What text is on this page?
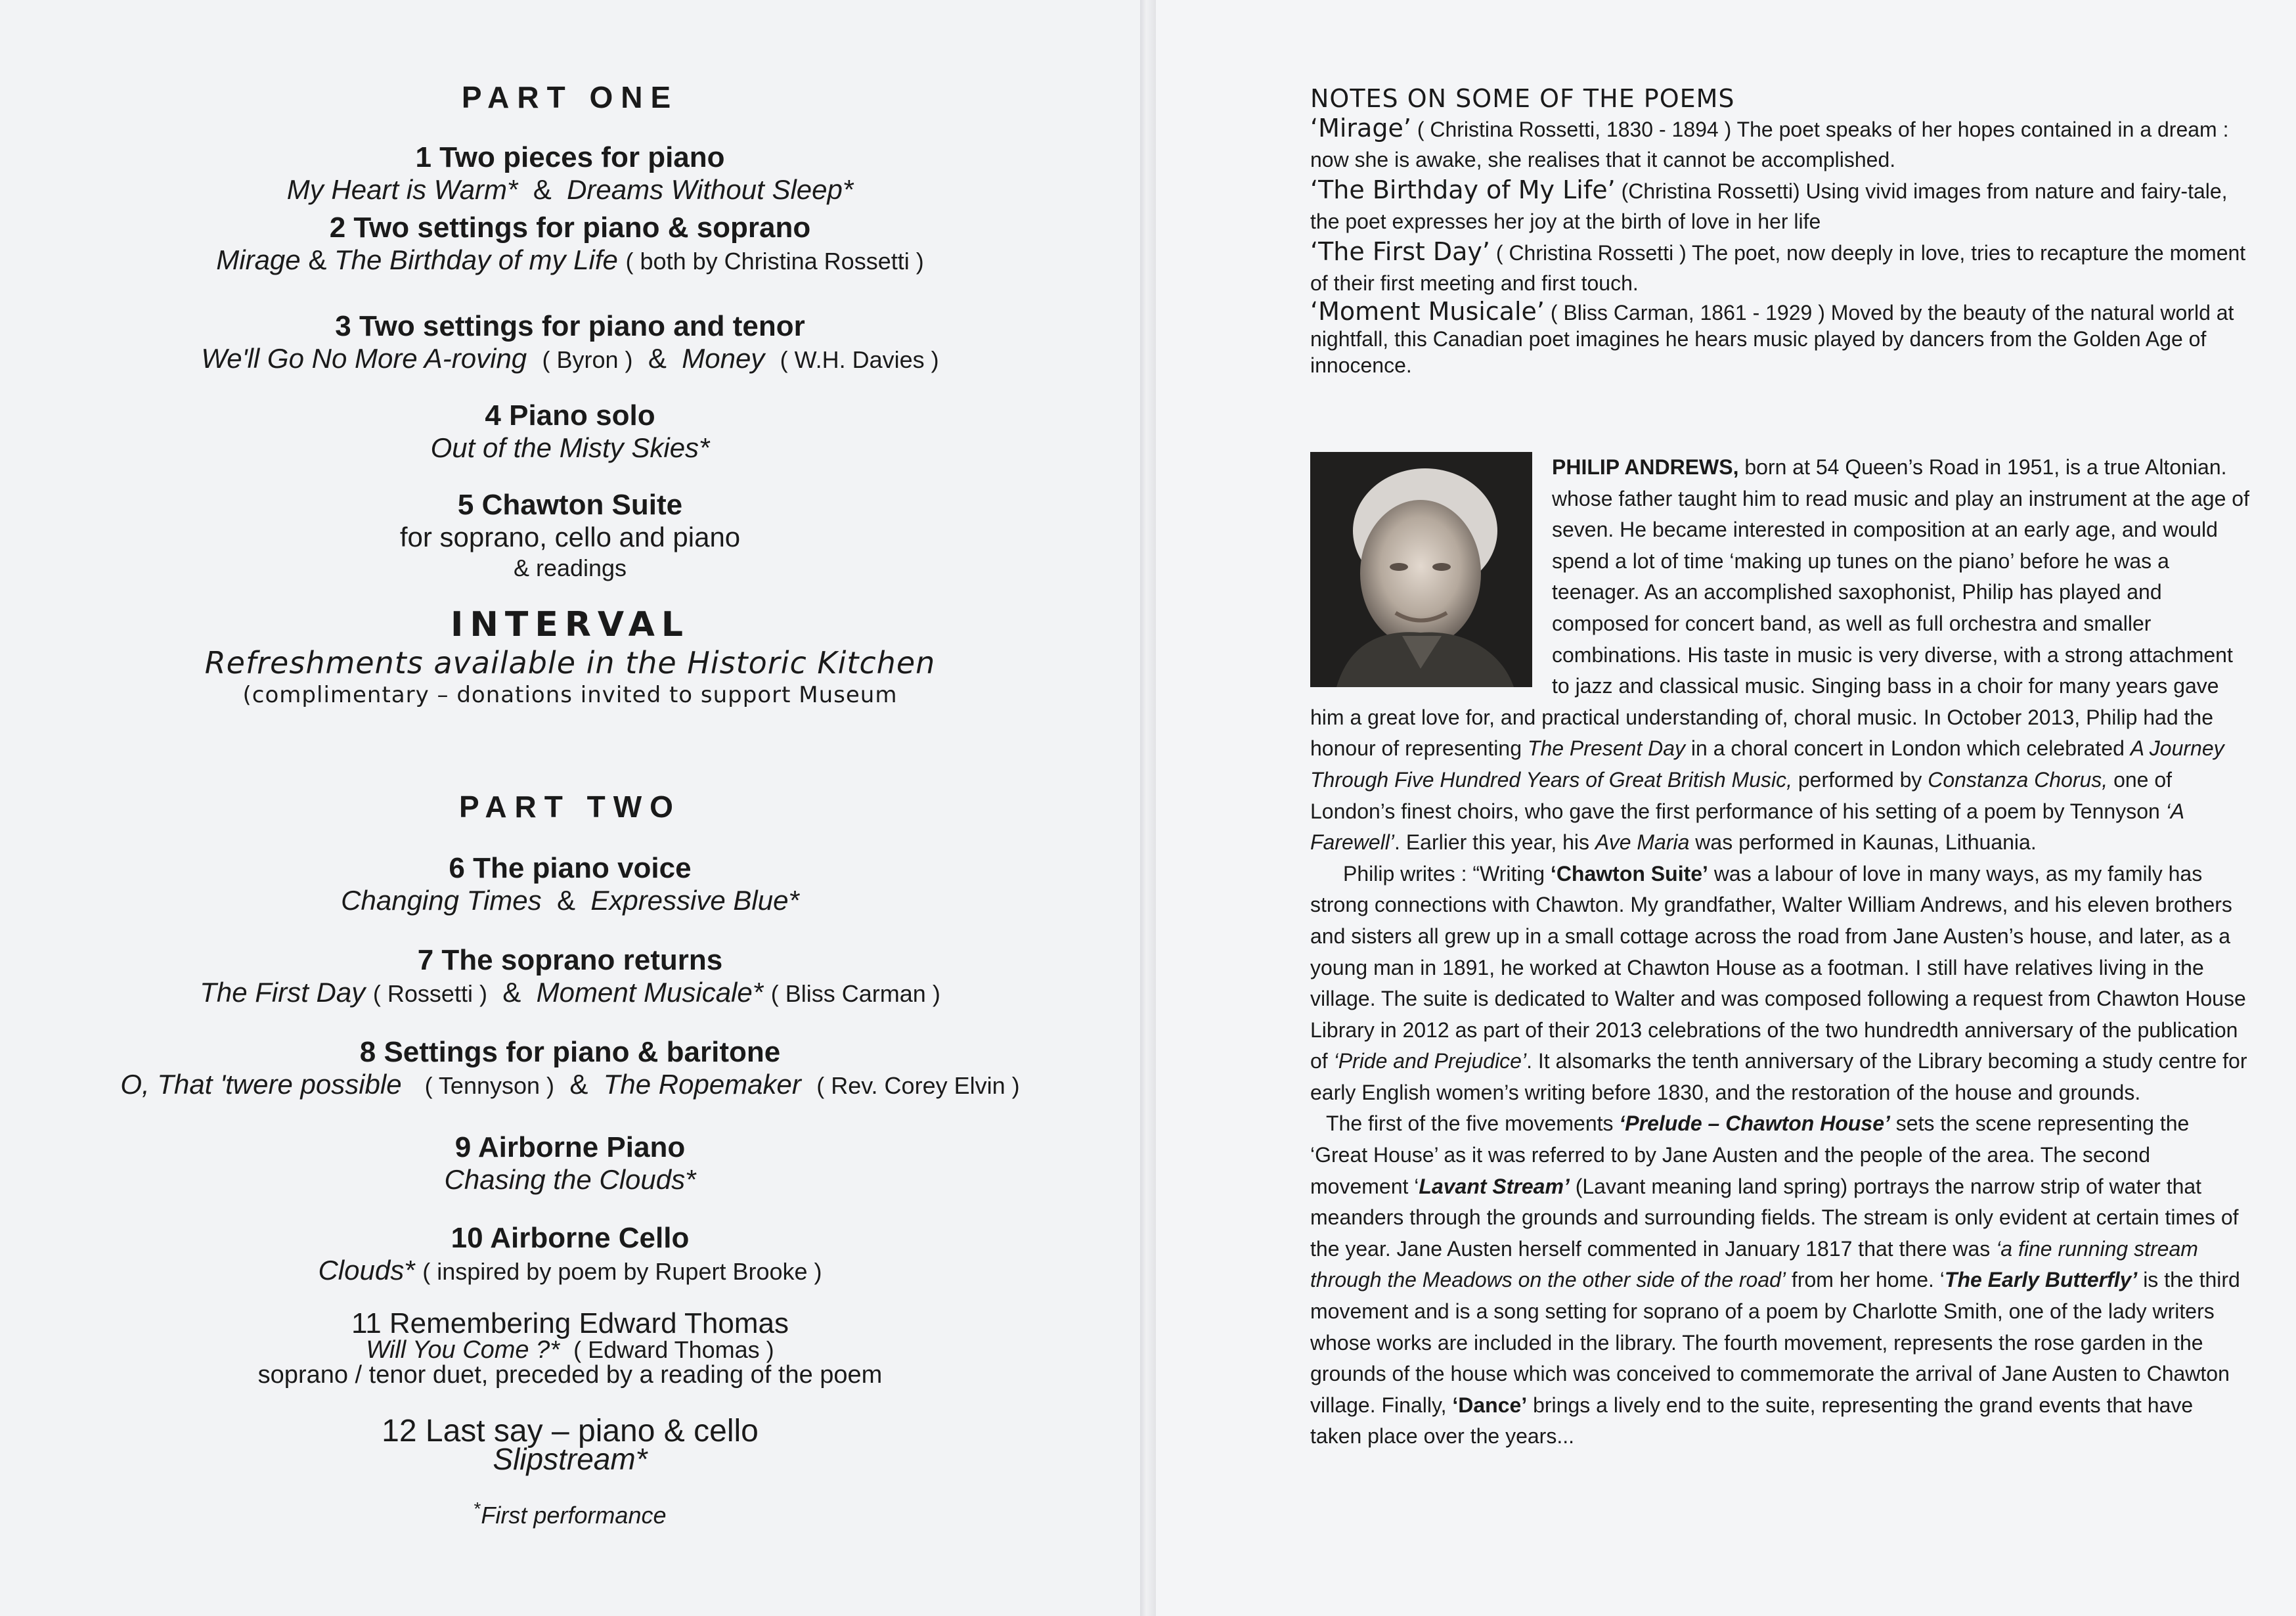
PART ONE
1 Two pieces for piano
My Heart is Warm* & Dreams Without Sleep*
2 Two settings for piano & soprano
Mirage & The Birthday of my Life ( both by Christina Rossetti )
3 Two settings for piano and tenor
We'll Go No More A-roving ( Byron ) & Money ( W.H. Davies )
4 Piano solo
Out of the Misty Skies*
5 Chawton Suite
for soprano, cello and piano
& readings
INTERVAL
Refreshments available in the Historic Kitchen
(complimentary – donations invited to support Museum
PART TWO
6 The piano voice
Changing Times & Expressive Blue*
7 The soprano returns
The First Day ( Rossetti ) & Moment Musicale* ( Bliss Carman )
8 Settings for piano & baritone
O, That 'twere possible ( Tennyson ) & The Ropemaker ( Rev. Corey Elvin )
9 Airborne Piano
Chasing the Clouds*
10 Airborne Cello
Clouds* ( inspired by poem by Rupert Brooke )
11 Remembering Edward Thomas
Will You Come ?* ( Edward Thomas )
soprano / tenor duet, preceded by a reading of the poem
12 Last say – piano & cello
Slipstream*
*First performance
NOTES ON SOME OF THE POEMS

‘Mirage’ ( Christina Rossetti, 1830 - 1894 ) The poet speaks of her hopes contained in a dream : now she is awake, she realises that it cannot be accomplished.

‘The Birthday of My Life’ (Christina Rossetti) Using vivid images from nature and fairy-tale, the poet expresses her joy at the birth of love in her life

‘The First Day’ ( Christina Rossetti ) The poet, now deeply in love, tries to recapture the moment of their first meeting and first touch.

‘Moment Musicale’ ( Bliss Carman, 1861 - 1929 ) Moved by the beauty of the natural world at nightfall, this Canadian poet imagines he hears music played by dancers from the Golden Age of innocence.

PHILIP ANDREWS, born at 54 Queen’s Road in 1951, is a true Altonian. whose father taught him to read music and play an instrument at the age of seven. He became interested in composition at an early age, and would spend a lot of time ‘making up tunes on the piano’ before he was a teenager. As an accomplished saxophonist, Philip has played and composed for concert band, as well as full orchestra and smaller combinations. His taste in music is very diverse, with a strong attachment to jazz and classical music. Singing bass in a choir for many years gave him a great love for, and practical understanding of, choral music. In October 2013, Philip had the honour of representing The Present Day in a choral concert in London which celebrated A Journey Through Five Hundred Years of Great British Music, performed by Constanza Chorus, one of London’s finest choirs, who gave the first performance of his setting of a poem by Tennyson ‘A Farewell’. Earlier this year, his Ave Maria was performed in Kaunas, Lithuania.

Philip writes : “Writing ‘Chawton Suite’ was a labour of love in many ways, as my family has strong connections with Chawton. My grandfather, Walter William Andrews, and his eleven brothers and sisters all grew up in a small cottage across the road from Jane Austen’s house, and later, as a young man in 1891, he worked at Chawton House as a footman. I still have relatives living in the village. The suite is dedicated to Walter and was composed following a request from Chawton House Library in 2012 as part of their 2013 celebrations of the two hundredth anniversary of the publication of ‘Pride and Prejudice’. It alsomarks the tenth anniversary of the Library becoming a study centre for early English women’s writing before 1830, and the restoration of the house and grounds.

The first of the five movements ‘Prelude – Chawton House’ sets the scene representing the ‘Great House’ as it was referred to by Jane Austen and the people of the area. The second movement ‘Lavant Stream’ (Lavant meaning land spring) portrays the narrow strip of water that meanders through the grounds and surrounding fields. The stream is only evident at certain times of the year. Jane Austen herself commented in January 1817 that there was ‘a fine running stream through the Meadows on the other side of the road’ from her home. ‘The Early Butterfly’ is the third movement and is a song setting for soprano of a poem by Charlotte Smith, one of the lady writers whose works are included in the library. The fourth movement, represents the rose garden in the grounds of the house which was conceived to commemorate the arrival of Jane Austen to Chawton village. Finally, ‘Dance’ brings a lively end to the suite, representing the grand events that have taken place over the years...
